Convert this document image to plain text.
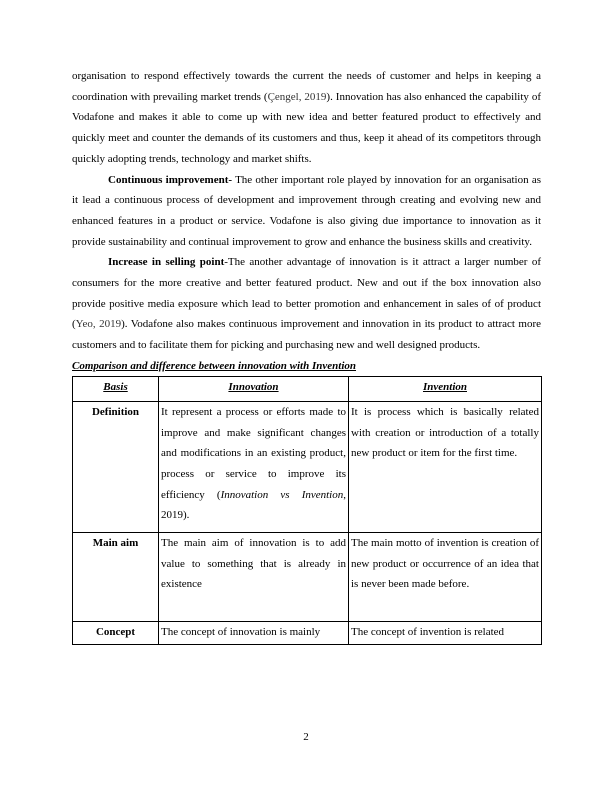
organisation to respond effectively towards the current the needs of customer and helps in keeping a coordination with prevailing market trends (Çengel, 2019). Innovation has also enhanced the capability of Vodafone and makes it able to come up with new idea and better featured product to effectively and quickly meet and counter the demands of its customers and thus, keep it ahead of its competitors through quickly adopting trends, technology and market shifts.

Continuous improvement- The other important role played by innovation for an organisation as it lead a continuous process of development and improvement through creating and evolving new and enhanced features in a product or service. Vodafone is also giving due importance to innovation as it provide sustainability and continual improvement to grow and enhance the business skills and creativity.

Increase in selling point-The another advantage of innovation is it attract a larger number of consumers for the more creative and better featured product. New and out if the box innovation also provide positive media exposure which lead to better promotion and enhancement in sales of of product (Yeo, 2019). Vodafone also makes continuous improvement and innovation in its product to attract more customers and to facilitate them for picking and purchasing new and well designed products.

Comparison and difference between innovation with Invention

Basis	Innovation	Invention
Definition	It represent a process or efforts made to improve and make significant changes and modifications in an existing product, process or service to improve its efficiency (Innovation vs Invention, 2019).	It is process which is basically related with creation or introduction of a totally new product or item for the first time.
Main aim	The main aim of innovation is to add value to something that is already in existence	The main motto of invention is creation of new product or occurrence of an idea that is never been made before.
Concept	The concept of innovation is mainly	The concept of invention is related
2
